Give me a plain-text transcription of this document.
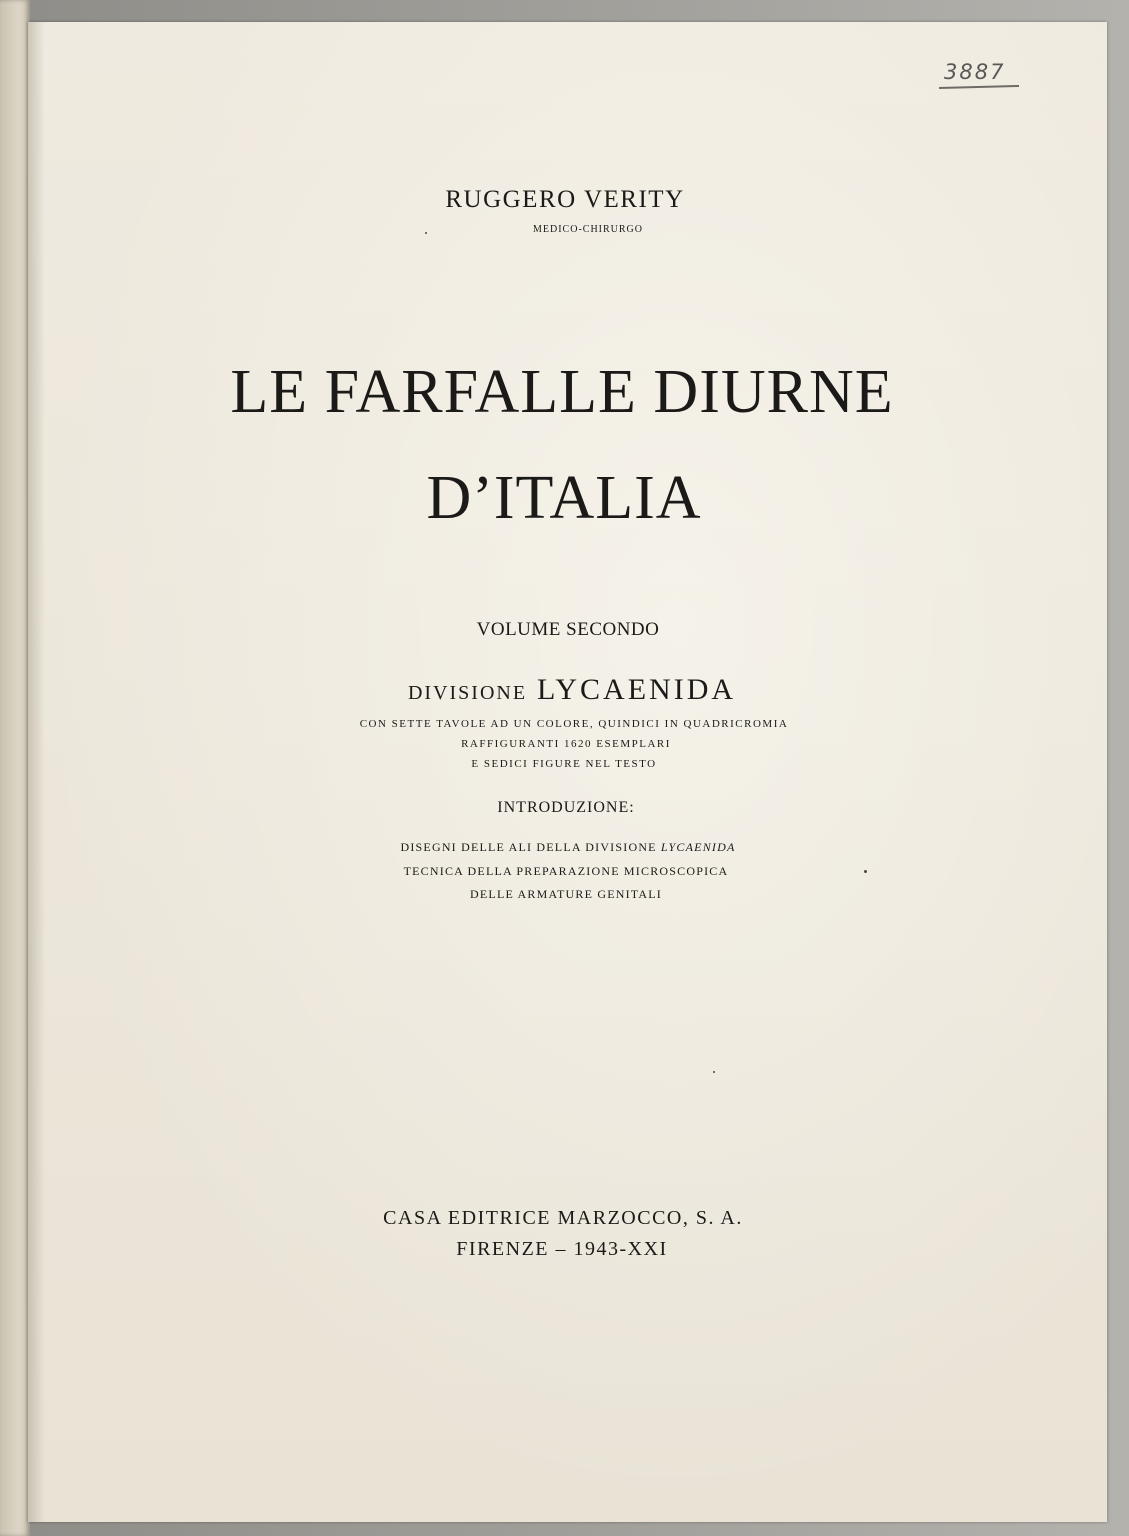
3887
RUGGERO VERITY
MEDICO-CHIRURGO
LE FARFALLE DIURNE
D’ITALIA
VOLUME SECONDO
DIVISIONE LYCAENIDA
CON SETTE TAVOLE AD UN COLORE, QUINDICI IN QUADRICROMIA
RAFFIGURANTI 1620 ESEMPLARI
E SEDICI FIGURE NEL TESTO
INTRODUZIONE:
DISEGNI DELLE ALI DELLA DIVISIONE LYCAENIDA
TECNICA DELLA PREPARAZIONE MICROSCOPICA
DELLE ARMATURE GENITALI
CASA EDITRICE MARZOCCO, S. A.
FIRENZE – 1943-XXI
